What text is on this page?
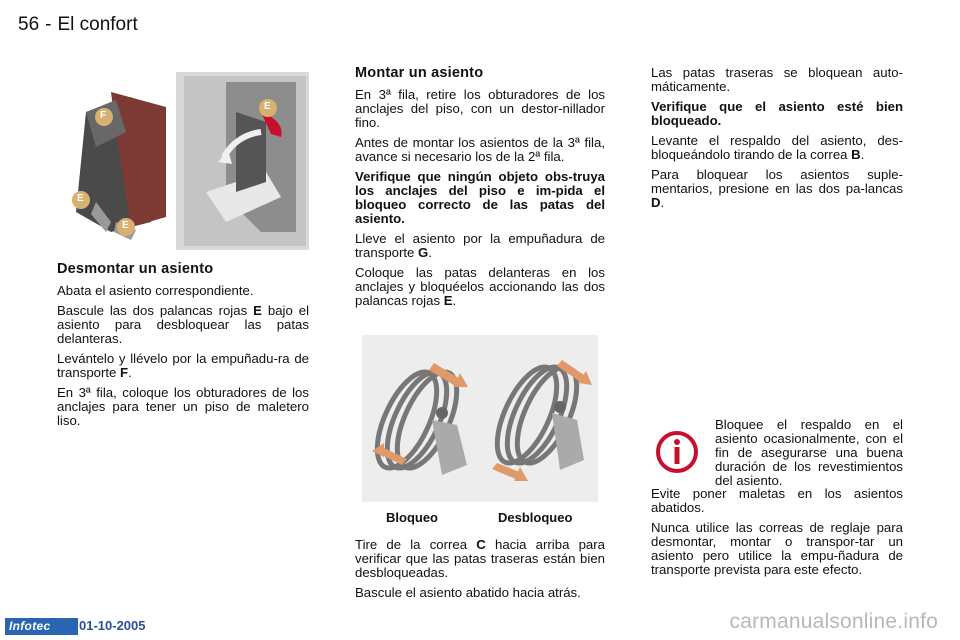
56 - El confort
F
E
E
E
Desmontar un asiento

Abata el asiento correspondiente.

Bascule las dos palancas rojas E bajo el asiento para desbloquear las patas delanteras.

Levántelo y llévelo por la empuñadu-ra de transporte F.

En 3ª fila, coloque los obturadores de los anclajes para tener un piso de maletero liso.

Montar un asiento

En 3ª fila, retire los obturadores de los anclajes del piso, con un destor-nillador fino.

Antes de montar los asientos de la 3ª fila, avance si necesario los de la 2ª fila.

Verifique que ningún objeto obs-truya los anclajes del piso e im-pida el bloqueo correcto de las patas del asiento.

Lleve el asiento por la empuñadura de transporte G.

Coloque las patas delanteras en los anclajes y bloquéelos accionando las dos palancas rojas E.

Bloqueo	Desbloqueo

Tire de la correa C hacia arriba para verificar que las patas traseras están bien desbloqueadas.

Bascule el asiento abatido hacia atrás.

Las patas traseras se bloquean auto-máticamente.

Verifique que el asiento esté bien bloqueado.

Levante el respaldo del asiento, des-bloqueándolo tirando de la correa B.

Para bloquear los asientos suple-mentarios, presione en las dos pa-lancas D.

Bloquee el respaldo en el asiento ocasionalmente, con el fin de asegurarse una buena duración de los revestimientos del asiento.

Evite poner maletas en los asientos abatidos.

Nunca utilice las correas de reglaje para desmontar, montar o transpor-tar un asiento pero utilice la empu-ñadura de transporte prevista para este efecto.

Infotec	01-10-2005	carmanualsonline.info
